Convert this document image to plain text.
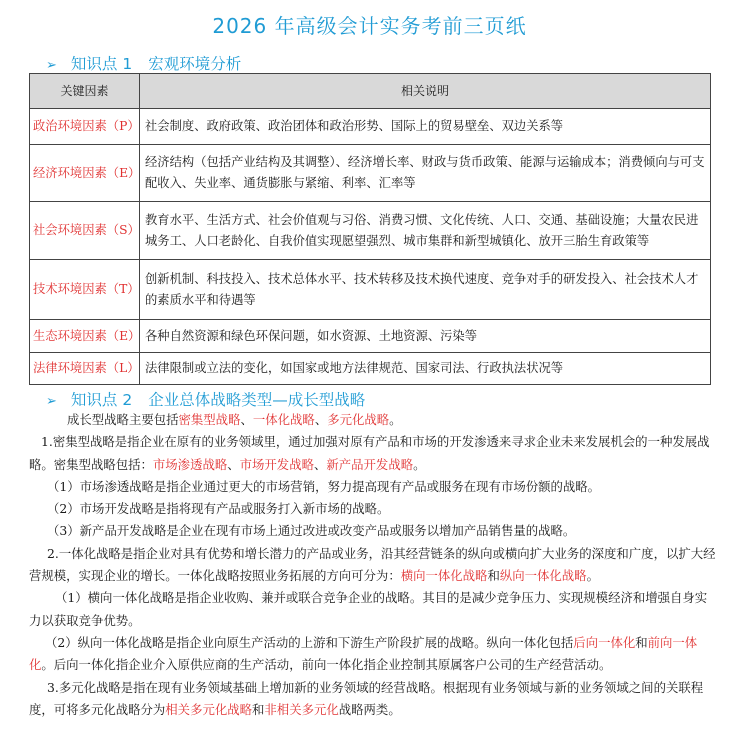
2026 年高级会计实务考前三页纸
➢ 知识点 1 宏观环境分析
关键因素	相关说明
政治环境因素（P）	社会制度、政府政策、政治团体和政治形势、国际上的贸易壁垒、双边关系等
经济环境因素（E）	经济结构（包括产业结构及其调整）、经济增长率、财政与货币政策、能源与运输成本；消费倾向与可支配收入、失业率、通货膨胀与紧缩、利率、汇率等
社会环境因素（S）	教育水平、生活方式、社会价值观与习俗、消费习惯、文化传统、人口、交通、基础设施；大量农民进城务工、人口老龄化、自我价值实现愿望强烈、城市集群和新型城镇化、放开三胎生育政策等
技术环境因素（T）	创新机制、科技投入、技术总体水平、技术转移及技术换代速度、竞争对手的研发投入、社会技术人才的素质水平和待遇等
生态环境因素（E）	各种自然资源和绿色环保问题，如水资源、土地资源、污染等
法律环境因素（L）	法律限制或立法的变化，如国家或地方法律规范、国家司法、行政执法状况等
➢ 知识点 2 企业总体战略类型—成长型战略

成长型战略主要包括密集型战略、一体化战略、多元化战略。

1.密集型战略是指企业在原有的业务领域里，通过加强对原有产品和市场的开发渗透来寻求企业未来发展机会的一种发展战略。密集型战略包括：市场渗透战略、市场开发战略、新产品开发战略。

（1）市场渗透战略是指企业通过更大的市场营销，努力提高现有产品或服务在现有市场份额的战略。

（2）市场开发战略是指将现有产品或服务打入新市场的战略。

（3）新产品开发战略是企业在现有市场上通过改进或改变产品或服务以增加产品销售量的战略。

2.一体化战略是指企业对具有优势和增长潜力的产品或业务，沿其经营链条的纵向或横向扩大业务的深度和广度，以扩大经营规模，实现企业的增长。一体化战略按照业务拓展的方向可分为：横向一体化战略和纵向一体化战略。

（1）横向一体化战略是指企业收购、兼并或联合竞争企业的战略。其目的是减少竞争压力、实现规模经济和增强自身实力以获取竞争优势。

（2）纵向一体化战略是指企业向原生产活动的上游和下游生产阶段扩展的战略。纵向一体化包括后向一体化和前向一体化。后向一体化指企业介入原供应商的生产活动，前向一体化指企业控制其原属客户公司的生产经营活动。

3.多元化战略是指在现有业务领域基础上增加新的业务领域的经营战略。根据现有业务领域与新的业务领域之间的关联程度，可将多元化战略分为相关多元化战略和非相关多元化战略两类。
